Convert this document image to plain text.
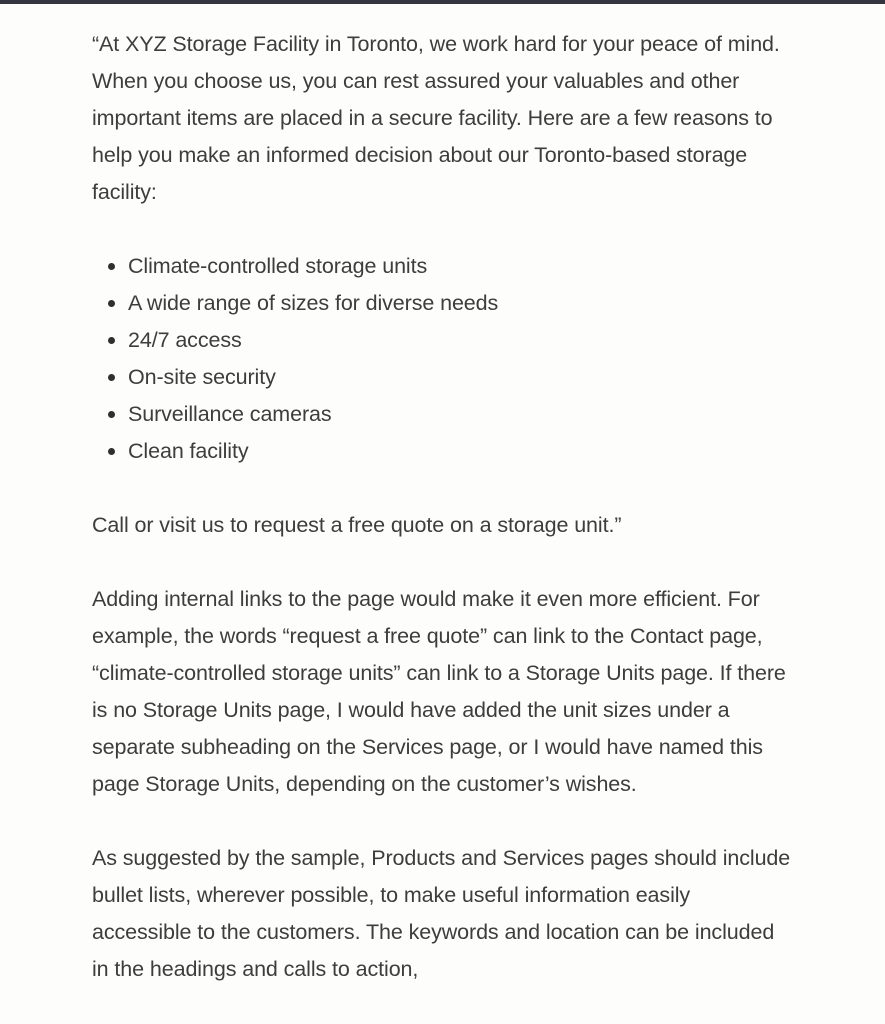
“At XYZ Storage Facility in Toronto, we work hard for your peace of mind. When you choose us, you can rest assured your valuables and other important items are placed in a secure facility. Here are a few reasons to help you make an informed decision about our Toronto-based storage facility:

Climate-controlled storage units
A wide range of sizes for diverse needs
24/7 access
On-site security
Surveillance cameras
Clean facility

Call or visit us to request a free quote on a storage unit.”

Adding internal links to the page would make it even more efficient. For example, the words “request a free quote” can link to the Contact page, “climate-controlled storage units” can link to a Storage Units page. If there is no Storage Units page, I would have added the unit sizes under a separate subheading on the Services page, or I would have named this page Storage Units, depending on the customer’s wishes.

As suggested by the sample, Products and Services pages should include bullet lists, wherever possible, to make useful information easily accessible to the customers. The keywords and location can be included in the headings and calls to action,
